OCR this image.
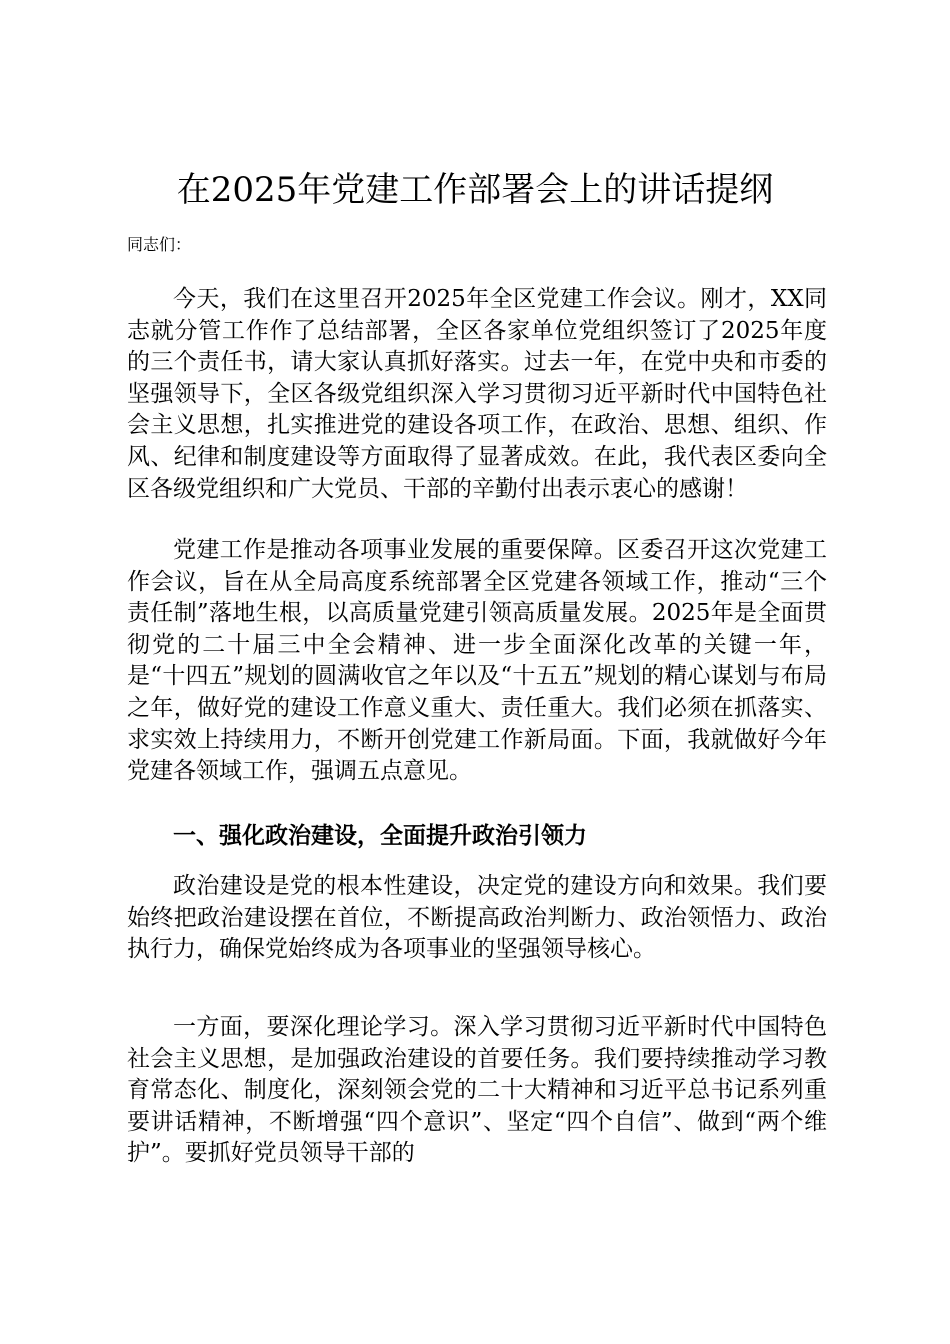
在2025年党建工作部署会上的讲话提纲
同志们：

今天，我们在这里召开2025年全区党建工作会议。刚才，XX同志就分管工作作了总结部署，全区各家单位党组织签订了2025年度的三个责任书，请大家认真抓好落实。过去一年，在党中央和市委的坚强领导下，全区各级党组织深入学习贯彻习近平新时代中国特色社会主义思想，扎实推进党的建设各项工作，在政治、思想、组织、作风、纪律和制度建设等方面取得了显著成效。在此，我代表区委向全区各级党组织和广大党员、干部的辛勤付出表示衷心的感谢！

党建工作是推动各项事业发展的重要保障。区委召开这次党建工作会议，旨在从全局高度系统部署全区党建各领域工作，推动“三个责任制”落地生根，以高质量党建引领高质量发展。2025年是全面贯彻党的二十届三中全会精神、进一步全面深化改革的关键一年，是“十四五”规划的圆满收官之年以及“十五五”规划的精心谋划与布局之年，做好党的建设工作意义重大、责任重大。我们必须在抓落实、求实效上持续用力，不断开创党建工作新局面。下面，我就做好今年党建各领域工作，强调五点意见。

一、强化政治建设，全面提升政治引领力

政治建设是党的根本性建设，决定党的建设方向和效果。我们要始终把政治建设摆在首位，不断提高政治判断力、政治领悟力、政治执行力，确保党始终成为各项事业的坚强领导核心。

一方面，要深化理论学习。深入学习贯彻习近平新时代中国特色社会主义思想，是加强政治建设的首要任务。我们要持续推动学习教育常态化、制度化，深刻领会党的二十大精神和习近平总书记系列重要讲话精神，不断增强“四个意识”、坚定“四个自信”、做到“两个维护”。要抓好党员领导干部的
